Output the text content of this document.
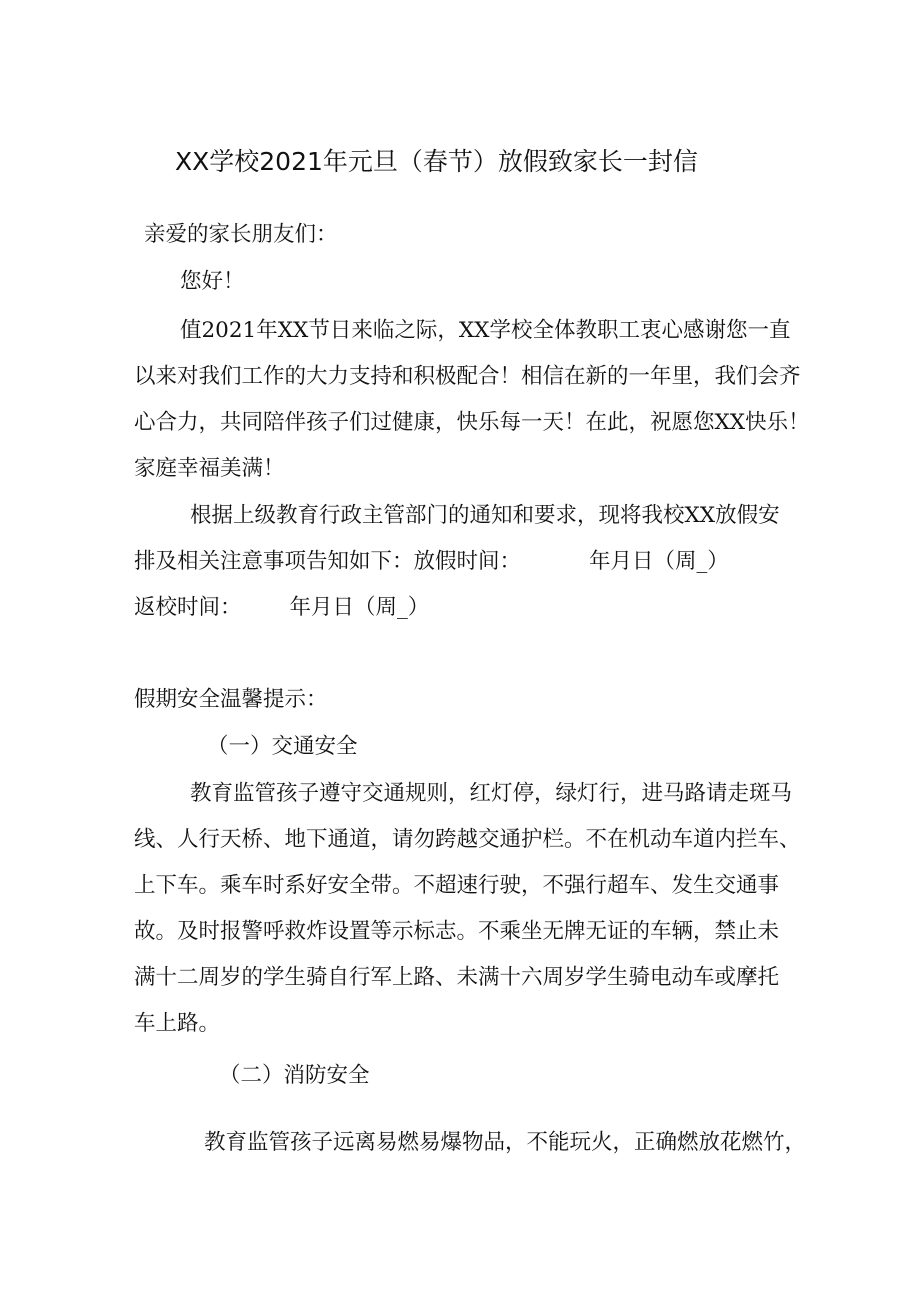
XX学校2021年元旦（春节）放假致家长一封信
亲爱的家长朋友们：
您好！
值2021年XX节日来临之际，XX学校全体教职工衷心感谢您一直
以来对我们工作的大力支持和积极配合！相信在新的一年里，我们会齐
心合力，共同陪伴孩子们过健康，快乐每一天！在此，祝愿您XX快乐！
家庭幸福美满！
根据上级教育行政主管部门的通知和要求，现将我校XX放假安
排及相关注意事项告知如下：放假时间：	年月日（周_）
返校时间： 年月日（周_）
假期安全温馨提示：
（一）交通安全
教育监管孩子遵守交通规则，红灯停，绿灯行，进马路请走斑马
线、人行天桥、地下通道，请勿跨越交通护栏。不在机动车道内拦车、
上下车。乘车时系好安全带。不超速行驶，不强行超车、发生交通事
故。及时报警呼救炸设置等示标志。不乘坐无牌无证的车辆，禁止未
满十二周岁的学生骑自行军上路、未满十六周岁学生骑电动车或摩托
车上路。
（二）消防安全
教育监管孩子远离易燃易爆物品，不能玩火，正确燃放花燃竹，
